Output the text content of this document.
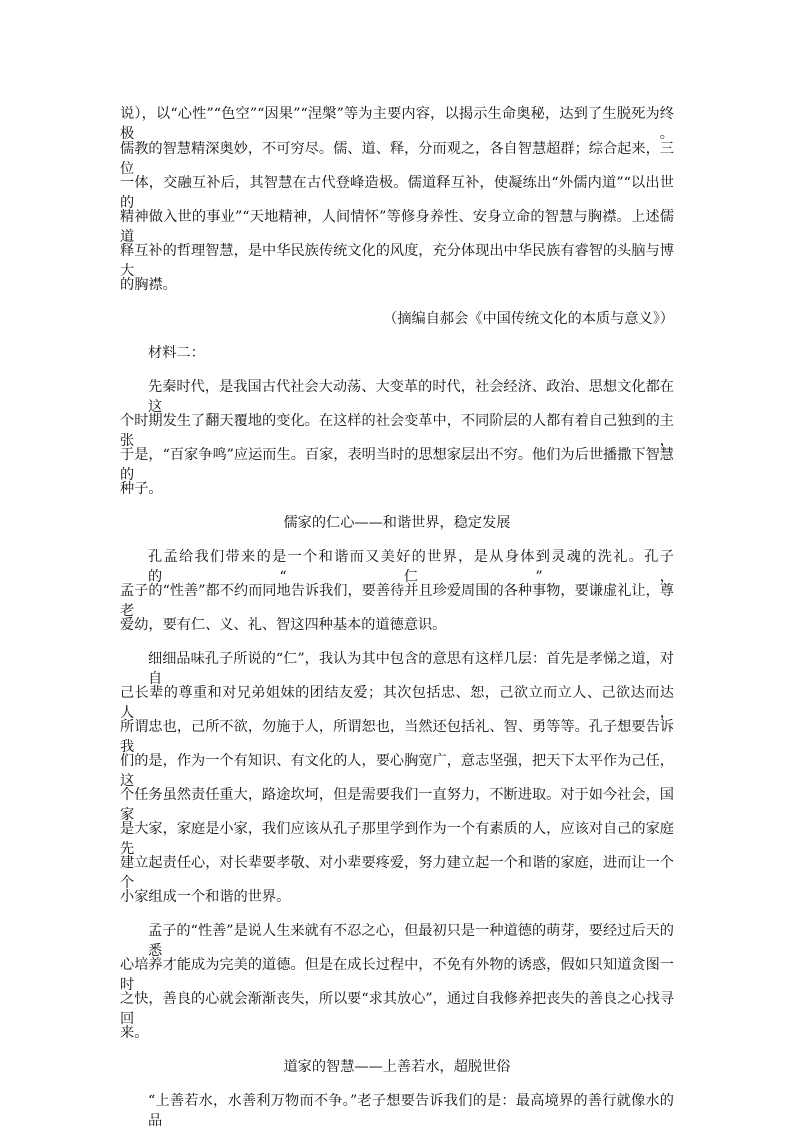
说），以“心性”“色空”“因果”“涅槃”等为主要内容，以揭示生命奥秘，达到了生脱死为终极。
儒教的智慧精深奥妙，不可穷尽。儒、道、释，分而观之，各自智慧超群；综合起来，三位
一体，交融互补后，其智慧在古代登峰造极。儒道释互补，使凝练出“外儒内道”“以出世的
精神做入世的事业”“天地精神，人间情怀”等修身养性、安身立命的智慧与胸襟。上述儒道
释互补的哲理智慧，是中华民族传统文化的风度，充分体现出中华民族有睿智的头脑与博大
的胸襟。
（摘编自郝会《中国传统文化的本质与意义》）
材料二：
先秦时代，是我国古代社会大动荡、大变革的时代，社会经济、政治、思想文化都在这
个时期发生了翻天覆地的变化。在这样的社会变革中，不同阶层的人都有着自己独到的主张，
于是，“百家争鸣”应运而生。百家，表明当时的思想家层出不穷。他们为后世播撒下智慧的
种子。
儒家的仁心——和谐世界，稳定发展
孔孟给我们带来的是一个和谐而又美好的世界，是从身体到灵魂的洗礼。孔子的“仁”，
孟子的“性善”都不约而同地告诉我们，要善待并且珍爱周围的各种事物，要谦虚礼让，尊老
爱幼，要有仁、义、礼、智这四种基本的道德意识。
细细品味孔子所说的“仁”，我认为其中包含的意思有这样几层：首先是孝悌之道，对自
己长辈的尊重和对兄弟姐妹的团结友爱；其次包括忠、恕，己欲立而立人、己欲达而达人，
所谓忠也，己所不欲，勿施于人，所谓恕也，当然还包括礼、智、勇等等。孔子想要告诉我
们的是，作为一个有知识、有文化的人，要心胸宽广，意志坚强，把天下太平作为己任，这
个任务虽然责任重大，路途坎坷，但是需要我们一直努力，不断进取。对于如今社会，国家
是大家，家庭是小家，我们应该从孔子那里学到作为一个有素质的人，应该对自己的家庭先
建立起责任心，对长辈要孝敬、对小辈要疼爱，努力建立起一个和谐的家庭，进而让一个个
小家组成一个和谐的世界。
孟子的“性善”是说人生来就有不忍之心，但最初只是一种道德的萌芽，要经过后天的悉
心培养才能成为完美的道德。但是在成长过程中，不免有外物的诱惑，假如只知道贪图一时
之快，善良的心就会渐渐丧失，所以要“求其放心”，通过自我修养把丧失的善良之心找寻回
来。
道家的智慧——上善若水，超脱世俗
“上善若水，水善利万物而不争。”老子想要告诉我们的是：最高境界的善行就像水的品
